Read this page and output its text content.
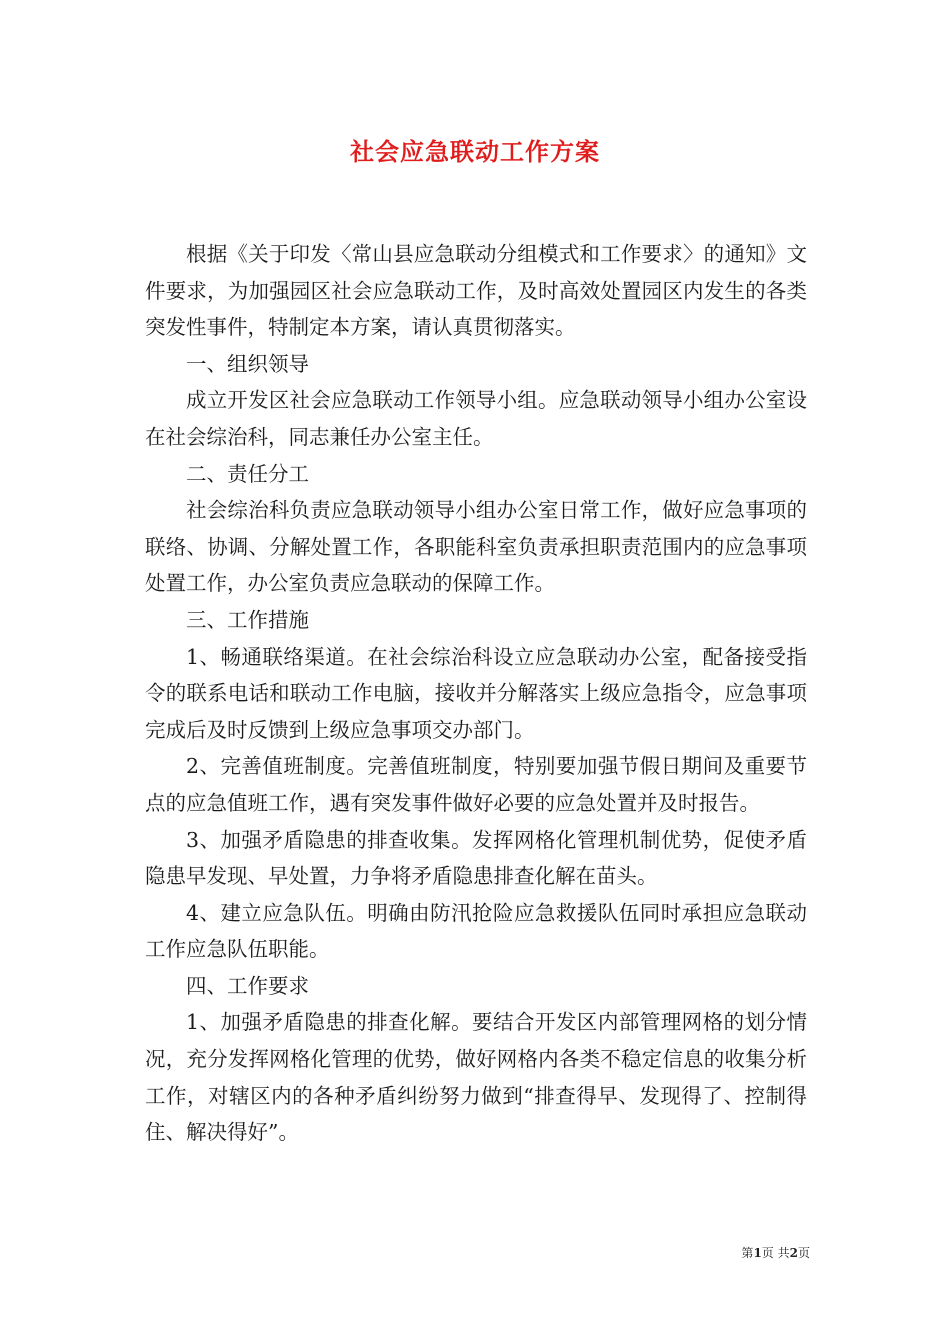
社会应急联动工作方案

根据《关于印发〈常山县应急联动分组模式和工作要求〉的通知》文件要求，为加强园区社会应急联动工作，及时高效处置园区内发生的各类突发性事件，特制定本方案，请认真贯彻落实。

一、组织领导

成立开发区社会应急联动工作领导小组。应急联动领导小组办公室设在社会综治科，同志兼任办公室主任。

二、责任分工

社会综治科负责应急联动领导小组办公室日常工作，做好应急事项的联络、协调、分解处置工作，各职能科室负责承担职责范围内的应急事项处置工作，办公室负责应急联动的保障工作。

三、工作措施

1、畅通联络渠道。在社会综治科设立应急联动办公室，配备接受指令的联系电话和联动工作电脑，接收并分解落实上级应急指令，应急事项完成后及时反馈到上级应急事项交办部门。

2、完善值班制度。完善值班制度，特别要加强节假日期间及重要节点的应急值班工作，遇有突发事件做好必要的应急处置并及时报告。

3、加强矛盾隐患的排查收集。发挥网格化管理机制优势，促使矛盾隐患早发现、早处置，力争将矛盾隐患排查化解在苗头。

4、建立应急队伍。明确由防汛抢险应急救援队伍同时承担应急联动工作应急队伍职能。

四、工作要求

1、加强矛盾隐患的排查化解。要结合开发区内部管理网格的划分情况，充分发挥网格化管理的优势，做好网格内各类不稳定信息的收集分析工作，对辖区内的各种矛盾纠纷努力做到“排查得早、发现得了、控制得住、解决得好”。

第1页 共2页
